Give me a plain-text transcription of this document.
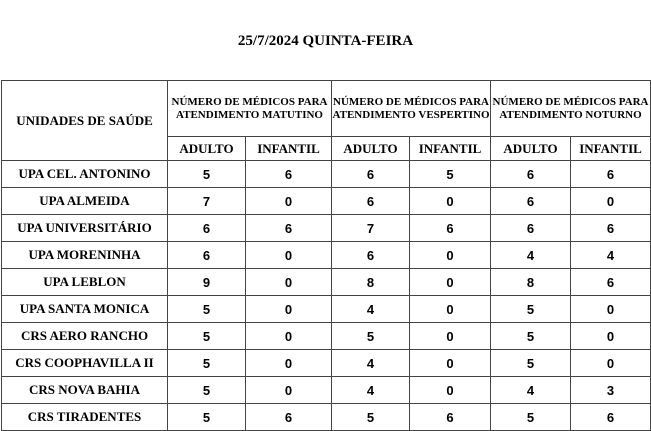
25/7/2024 QUINTA-FEIRA
UNIDADES DE SAÚDE	NÚMERO DE MÉDICOS PARA ATENDIMENTO MATUTINO		NÚMERO DE MÉDICOS PARA ATENDIMENTO VESPERTINO		NÚMERO DE MÉDICOS PARA ATENDIMENTO NOTURNO	
	ADULTO	INFANTIL	ADULTO	INFANTIL	ADULTO	INFANTIL
UPA CEL. ANTONINO	5	6	6	5	6	6
UPA ALMEIDA	7	0	6	0	6	0
UPA UNIVERSITÁRIO	6	6	7	6	6	6
UPA MORENINHA	6	0	6	0	4	4
UPA LEBLON	9	0	8	0	8	6
UPA SANTA MONICA	5	0	4	0	5	0
CRS AERO RANCHO	5	0	5	0	5	0
CRS COOPHAVILLA II	5	0	4	0	5	0
CRS NOVA BAHIA	5	0	4	0	4	3
CRS TIRADENTES	5	6	5	6	5	6
